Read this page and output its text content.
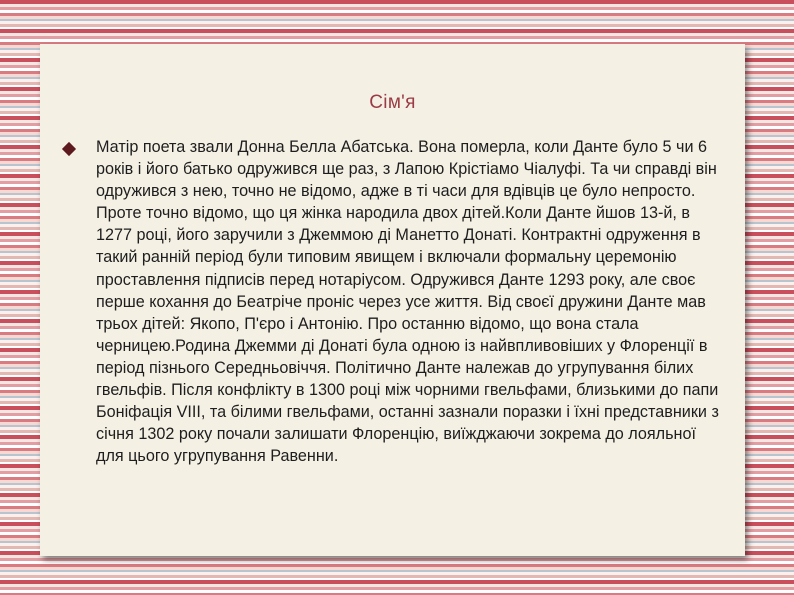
Сім'я

Матір поета звали Донна Белла Абатська. Вона померла, коли Данте було 5 чи 6 років і його батько одружився ще раз, з Лапою Крістіамо Чіалуфі. Та чи справді він одружився з нею, точно не відомо, адже в ті часи для вдівців це було непросто. Проте точно відомо, що ця жінка народила двох дітей.Коли Данте йшов 13-й, в 1277 році, його заручили з Джеммою ді Манетто Донаті. Контрактні одруження в такий ранній період були типовим явищем і включали формальну церемонію проставлення підписів перед нотаріусом. Одружився Данте 1293 року, але своє перше кохання до Беатріче проніс через усе життя. Від своєї дружини Данте мав трьох дітей: Якопо, П'єро і Антонію. Про останню відомо, що вона стала черницею.Родина Джемми ді Донаті була одною із найвпливовіших у Флоренції в період пізнього Середньовіччя. Політично Данте належав до угрупування білих гвельфів. Після конфлікту в 1300 році між чорними гвельфами, близькими до папи Боніфація VIII, та білими гвельфами, останні зазнали поразки і їхні представники з січня 1302 року почали залишати Флоренцію, виїжджаючи зокрема до лояльної для цього угрупування Равенни.
